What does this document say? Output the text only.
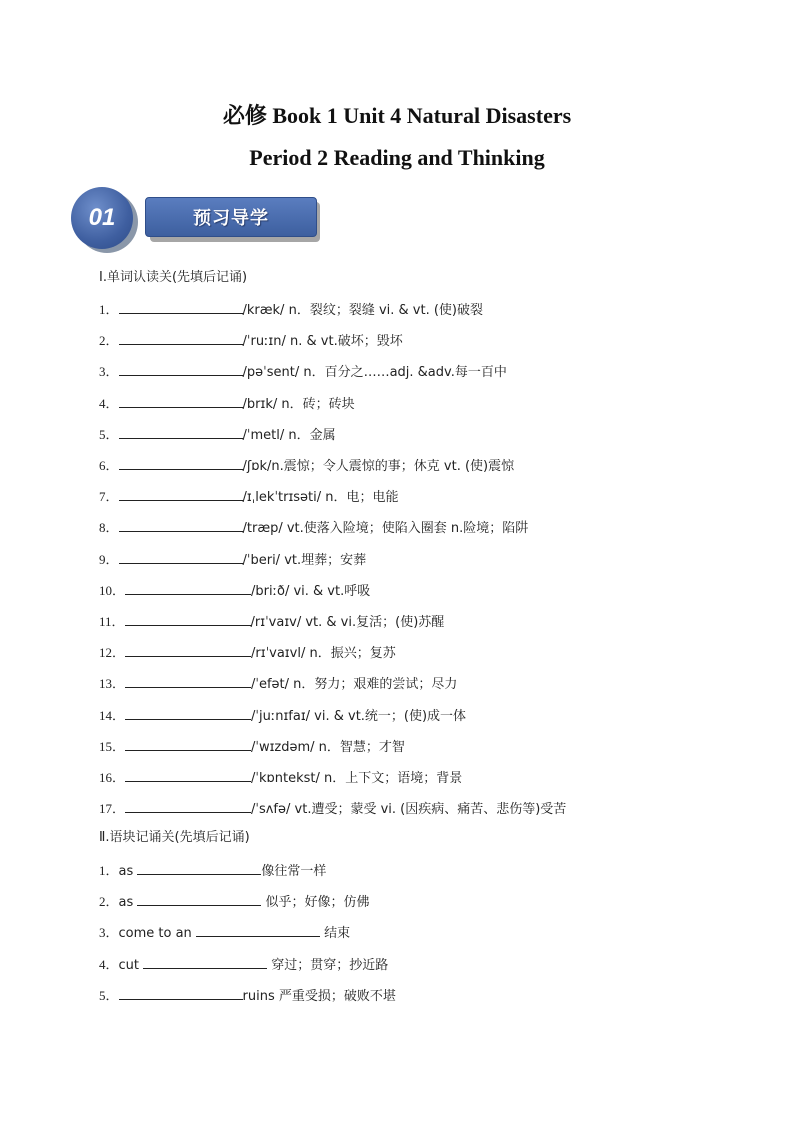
必修 Book 1 Unit 4 Natural Disasters
Period 2 Reading and Thinking
01	预习导学
Ⅰ.单词认读关(先填后记诵)
1．	/kræk/ n．裂纹；裂缝 vi. & vt. (使)破裂
2．	/ˈruːɪn/ n. & vt.破坏；毁坏
3．	/pəˈsent/ n．百分之……adj. &adv.每一百中
4．	/brɪk/ n．砖；砖块
5．	/ˈmetl/ n．金属
6．	/ʃɒk/n.震惊；令人震惊的事；休克 vt. (使)震惊
7．	/ɪˌlekˈtrɪsəti/ n．电；电能
8．	/træp/ vt.使落入险境；使陷入圈套 n.险境；陷阱
9．	/ˈberi/ vt.埋葬；安葬
10．	/briːð/ vi. & vt.呼吸
11．	/rɪˈvaɪv/ vt. & vi.复活；(使)苏醒
12．	/rɪˈvaɪvl/ n．振兴；复苏
13．	/ˈefət/ n．努力；艰难的尝试；尽力
14．	/ˈjuːnɪfaɪ/ vi. & vt.统一；(使)成一体
15．	/ˈwɪzdəm/ n．智慧；才智
16．	/ˈkɒntekst/ n．上下文；语境；背景
17．	/ˈsʌfə/ vt.遭受；蒙受 vi. (因疾病、痛苦、悲伤等)受苦
Ⅱ.语块记诵关(先填后记诵)
1．as	像往常一样
2．as	似乎；好像；仿佛
3．come to an	结束
4．cut	穿过；贯穿；抄近路
5．	ruins 严重受损；破败不堪
